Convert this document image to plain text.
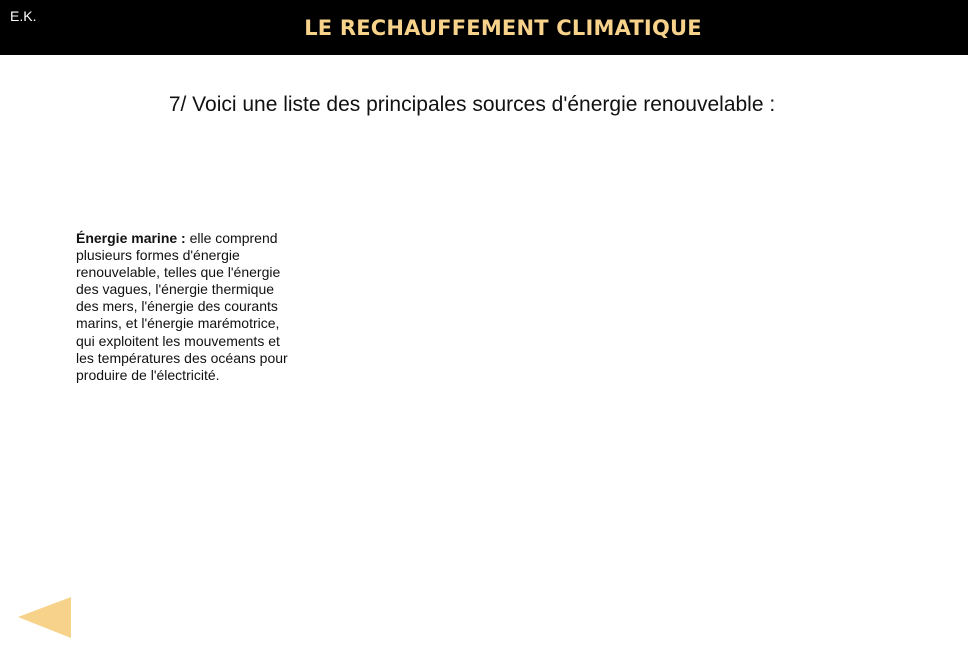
E.K.	LE RECHAUFFEMENT CLIMATIQUE
7/ Voici une liste des principales sources d'énergie renouvelable :
Énergie marine : elle comprend plusieurs formes d'énergie renouvelable, telles que l'énergie des vagues, l'énergie thermique des mers, l'énergie des courants marins, et l'énergie marémotrice, qui exploitent les mouvements et les températures des océans pour produire de l'électricité.
